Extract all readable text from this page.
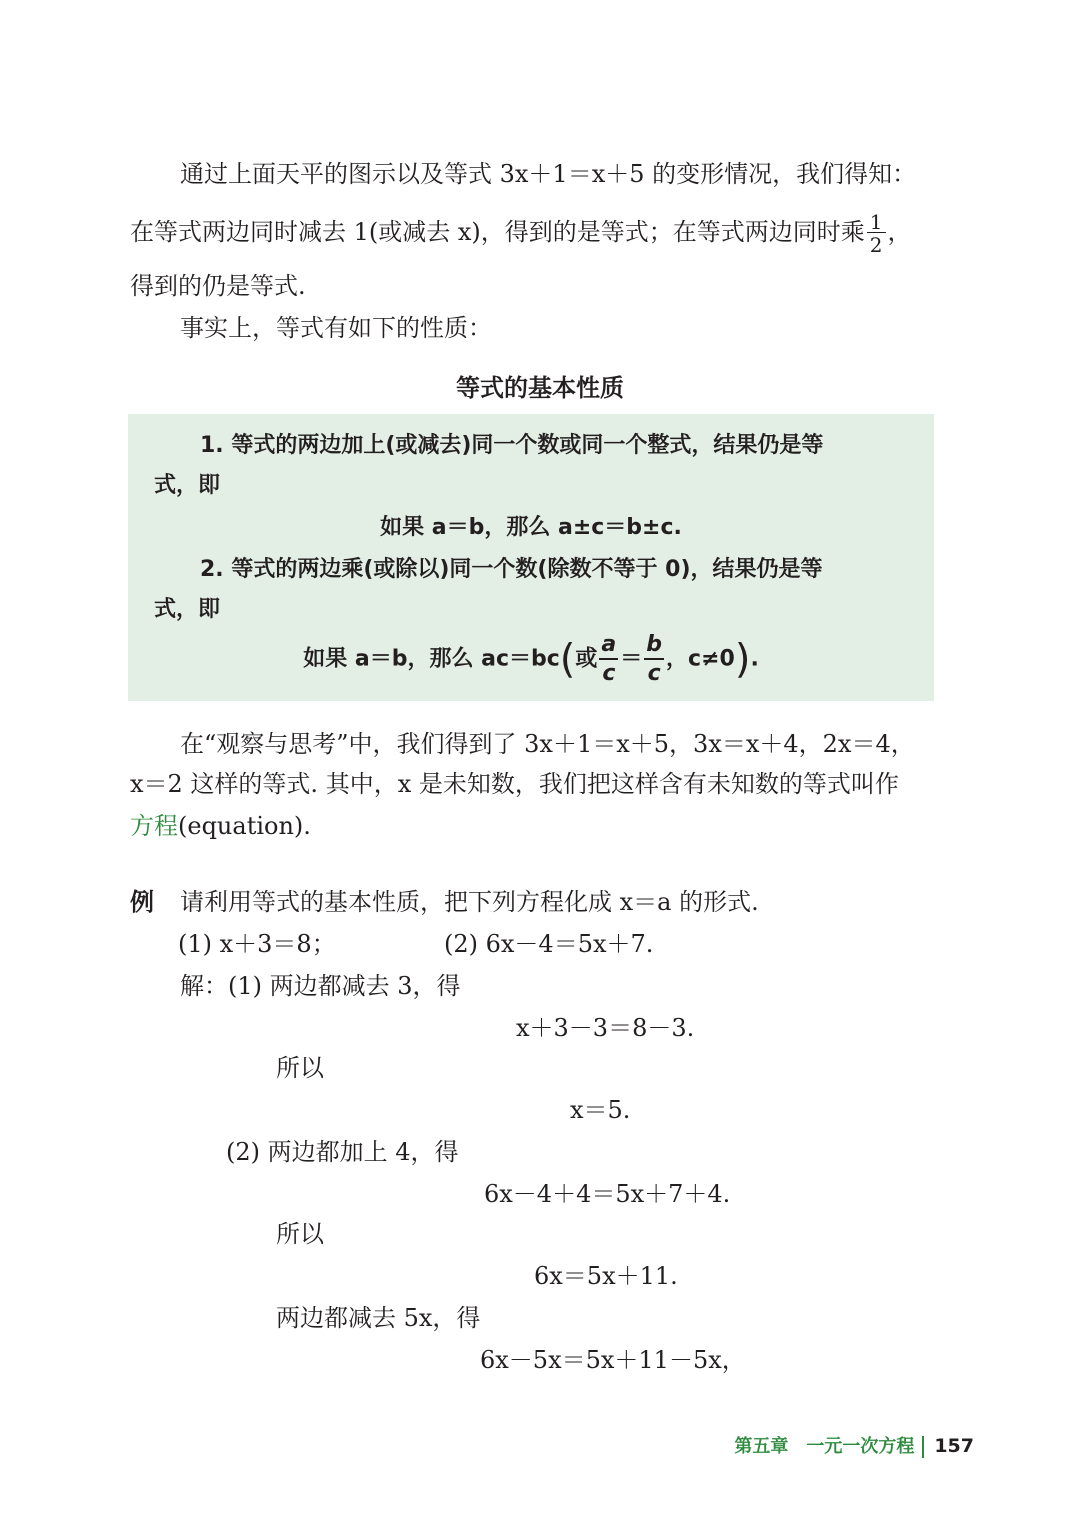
通过上面天平的图示以及等式 3x＋1＝x＋5 的变形情况，我们得知：
在等式两边同时减去 1(或减去 x)，得到的是等式；在等式两边同时乘 $\frac{1}{2}$ ，
得到的仍是等式.
事实上，等式有如下的性质：
等式的基本性质
1. 等式的两边加上(或减去)同一个数或同一个整式，结果仍是等
式，即
如果 a＝b，那么 a±c＝b±c.
2. 等式的两边乘(或除以)同一个数(除数不等于 0)，结果仍是等
式，即
如果 a＝b，那么 ac＝bc(或 $\frac{a}{c} = \frac{b}{c}$ ，c≠0).
在“观察与思考”中，我们得到了 3x＋1＝x＋5，3x＝x＋4，2x＝4，
x＝2 这样的等式. 其中，x 是未知数，我们把这样含有未知数的等式叫作
方程(equation).
例 请利用等式的基本性质，把下列方程化成 x＝a 的形式.
(1) x＋3＝8；	(2) 6x－4＝5x＋7.
解：(1) 两边都减去 3，得
x＋3－3＝8－3.
所以
x＝5.
(2) 两边都加上 4，得
6x－4＋4＝5x＋7＋4.
所以
6x＝5x＋11.
两边都减去 5x，得
6x－5x＝5x＋11－5x，
第五章　一元一次方程 157
